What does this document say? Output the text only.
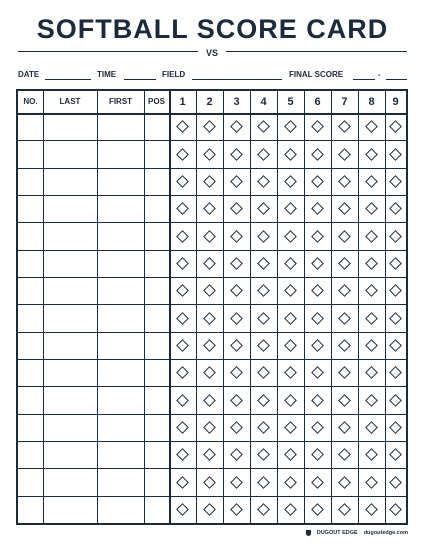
SOFTBALL SCORE CARD
VS
DATE	TIME	FIELD	FINAL SCORE	-
NO.	LAST	FIRST	POS	1	2	3	4	5	6	7	8	9
DUGOUT EDGE dugoutedge.com
